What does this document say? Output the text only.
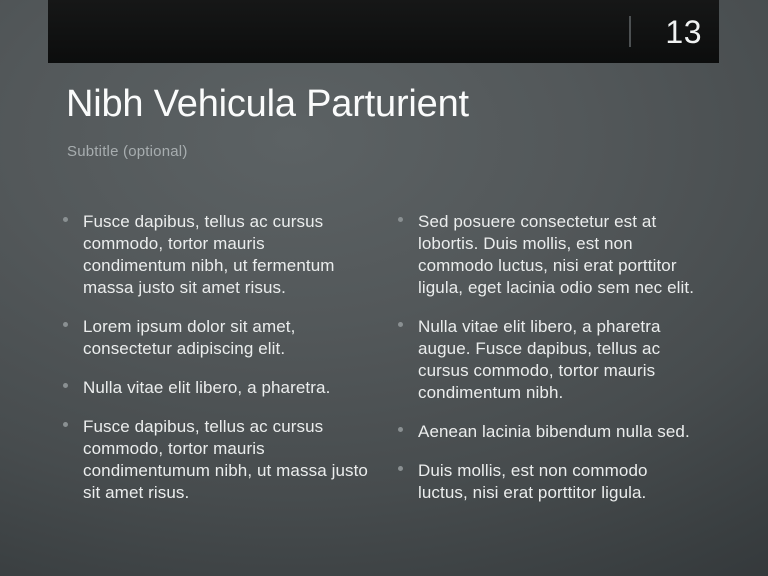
13
Nibh Vehicula Parturient

Subtitle (optional)

Fusce dapibus, tellus ac cursus
commodo, tortor mauris
condimentum nibh, ut fermentum
massa justo sit amet risus.
Lorem ipsum dolor sit amet,
consectetur adipiscing elit.
Nulla vitae elit libero, a pharetra.
Fusce dapibus, tellus ac cursus
commodo, tortor mauris
condimentumum nibh, ut massa justo
sit amet risus.
Sed posuere consectetur est at
lobortis. Duis mollis, est non
commodo luctus, nisi erat porttitor
ligula, eget lacinia odio sem nec elit.
Nulla vitae elit libero, a pharetra
augue. Fusce dapibus, tellus ac
cursus commodo, tortor mauris
condimentum nibh.
Aenean lacinia bibendum nulla sed.
Duis mollis, est non commodo
luctus, nisi erat porttitor ligula.
